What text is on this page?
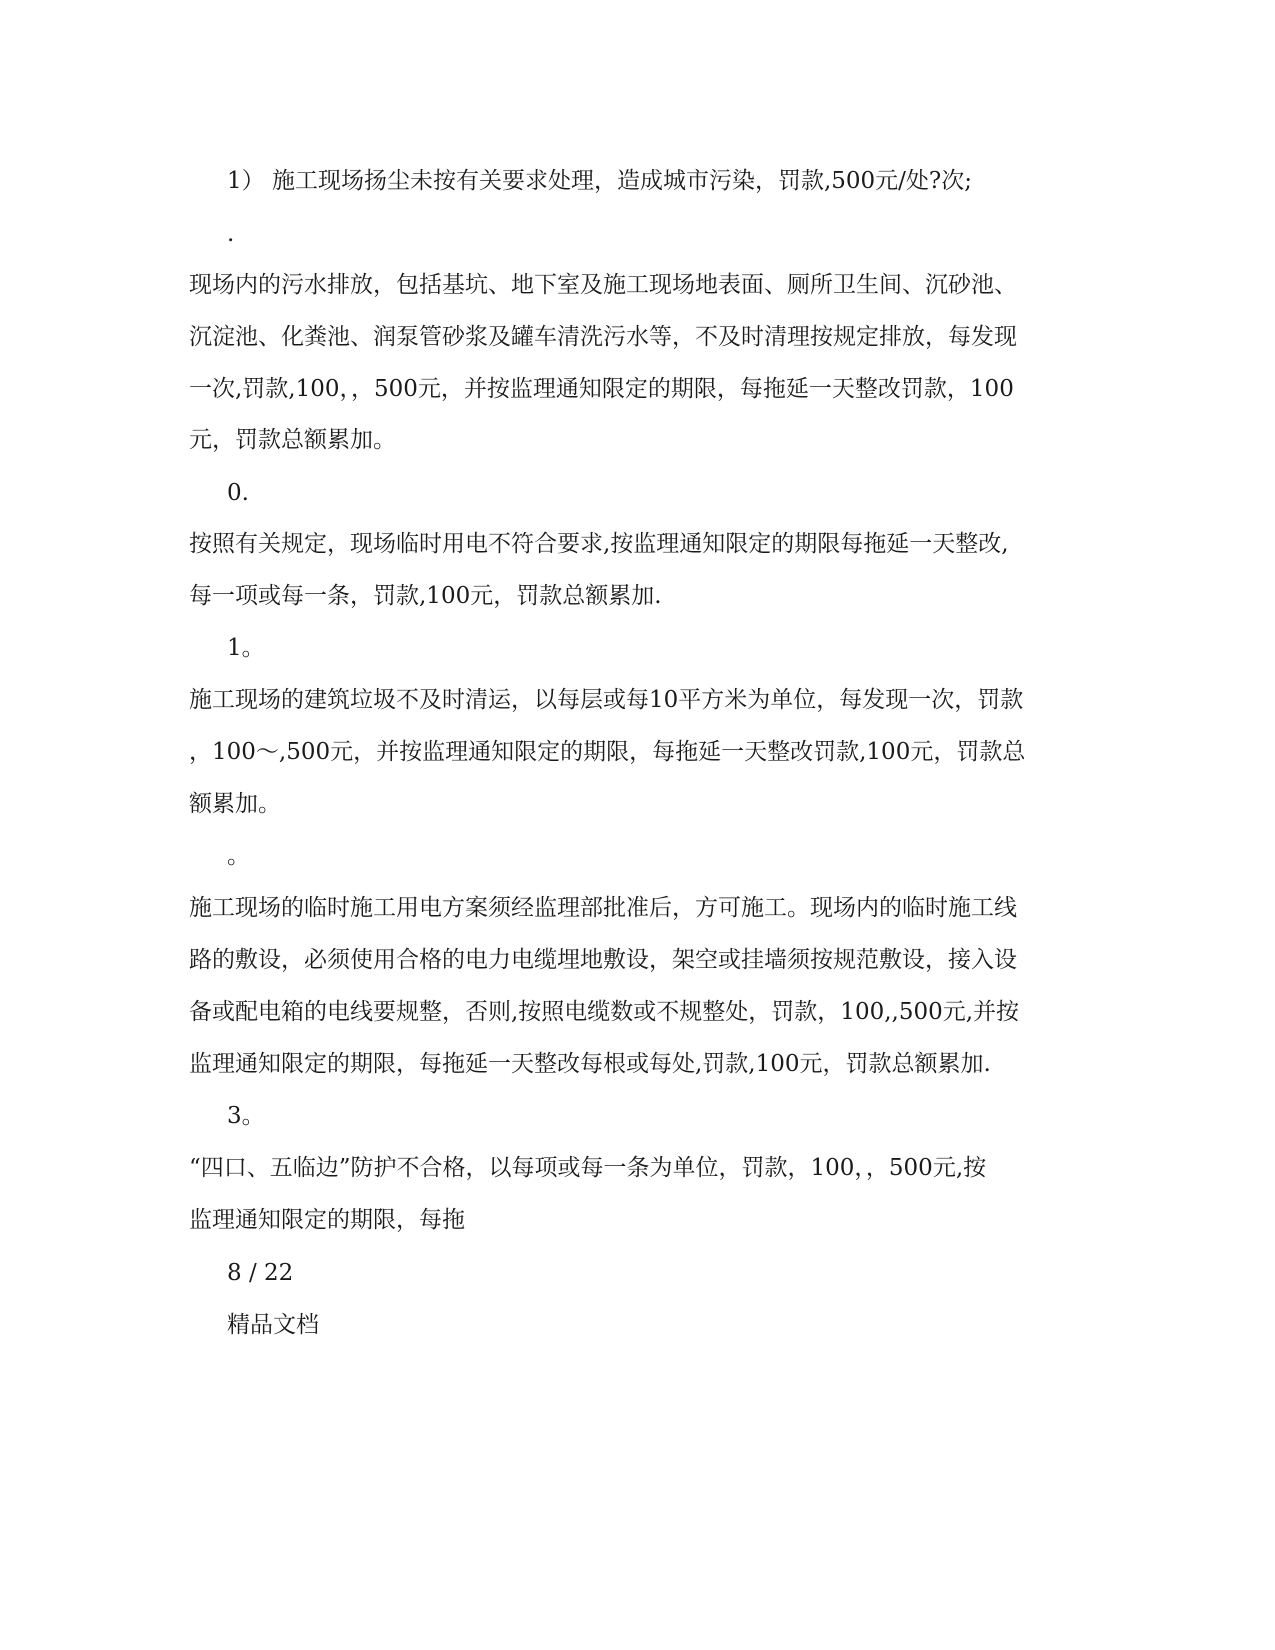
1） 施工现场扬尘未按有关要求处理，造成城市污染，罚款,500元/处?次;
.
现场内的污水排放，包括基坑、地下室及施工现场地表面、厕所卫生间、沉砂池、
沉淀池、化粪池、润泵管砂浆及罐车清洗污水等，不及时清理按规定排放，每发现
一次,罚款,100，，500元，并按监理通知限定的期限，每拖延一天整改罚款，100
元，罚款总额累加。
0.
按照有关规定，现场临时用电不符合要求,按监理通知限定的期限每拖延一天整改,
每一项或每一条，罚款,100元，罚款总额累加.
1。
施工现场的建筑垃圾不及时清运，以每层或每10平方米为单位，每发现一次，罚款
，100～,500元，并按监理通知限定的期限，每拖延一天整改罚款,100元，罚款总
额累加。
。
施工现场的临时施工用电方案须经监理部批准后，方可施工。现场内的临时施工线
路的敷设，必须使用合格的电力电缆埋地敷设，架空或挂墙须按规范敷设，接入设
备或配电箱的电线要规整，否则,按照电缆数或不规整处，罚款，100,,500元,并按
监理通知限定的期限，每拖延一天整改每根或每处,罚款,100元，罚款总额累加.
3。
“四口、五临边”防护不合格，以每项或每一条为单位，罚款，100，，500元,按
监理通知限定的期限，每拖
8 / 22
精品文档
